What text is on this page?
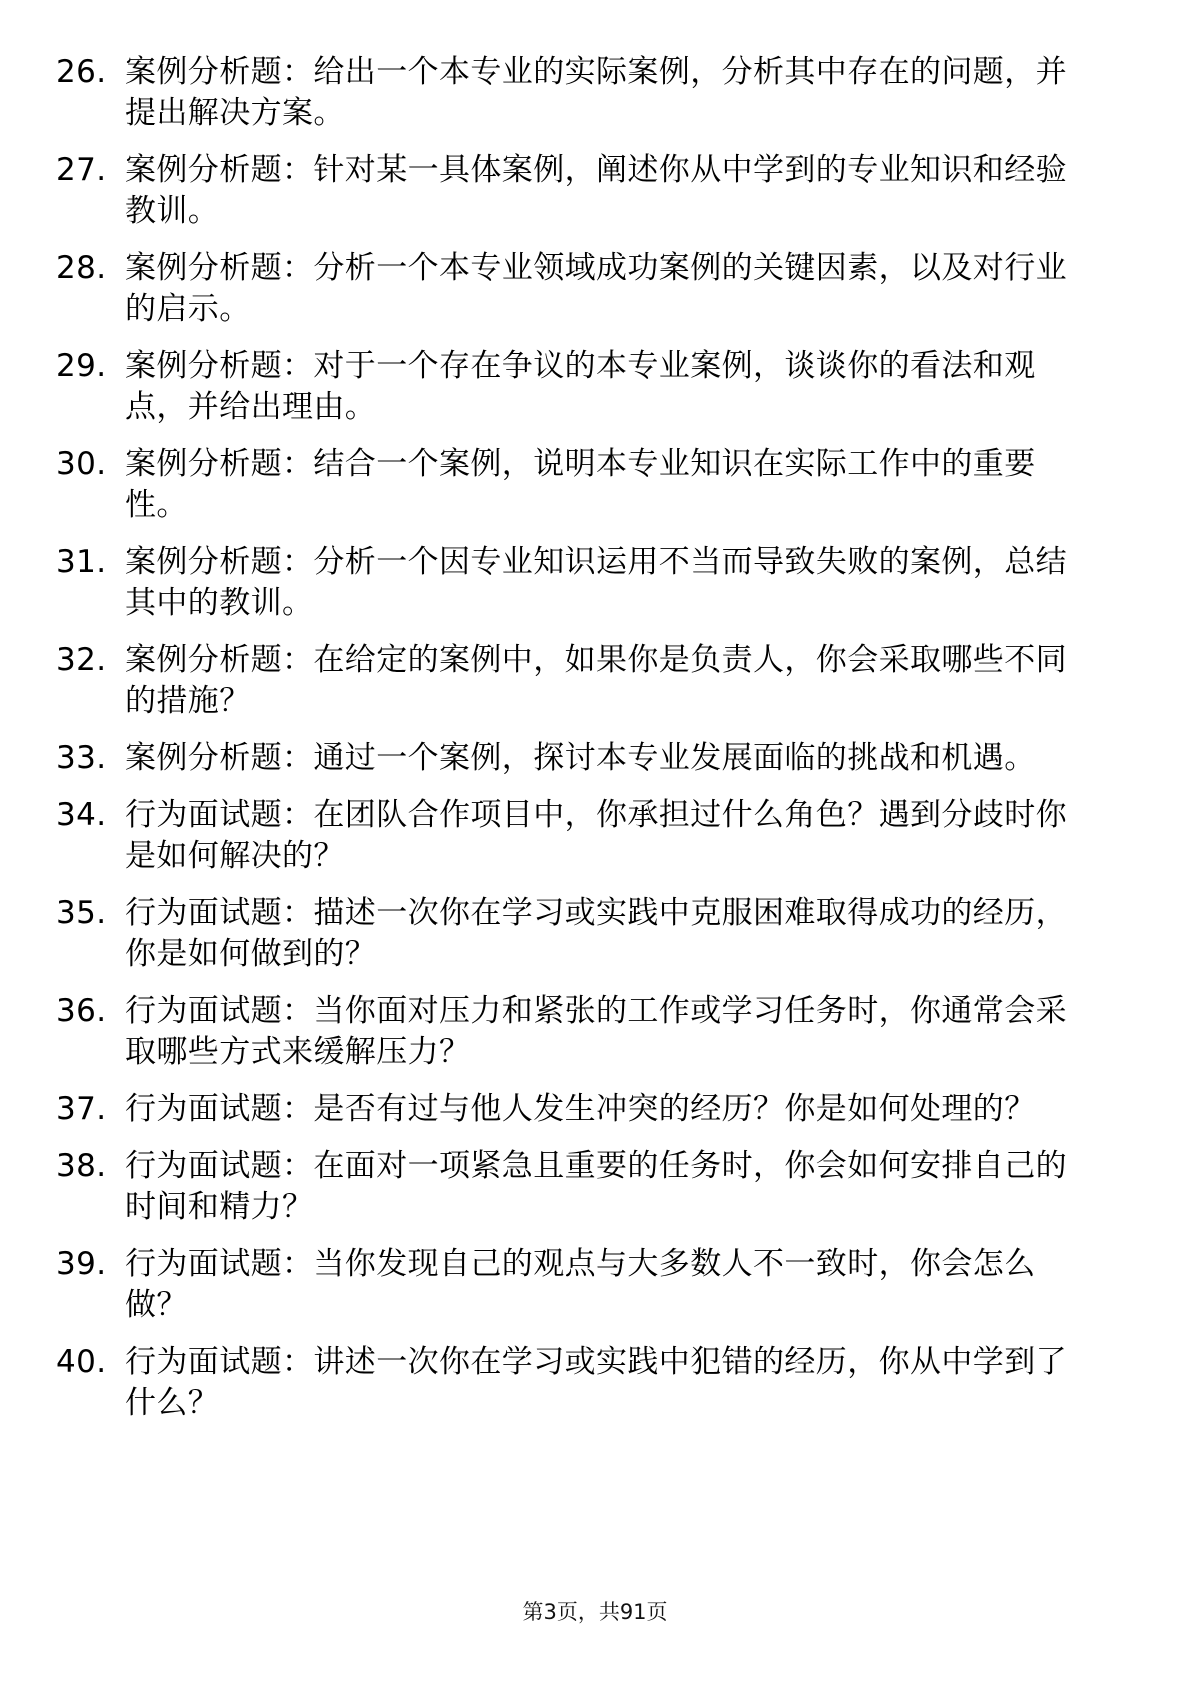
26. 案例分析题：给出一个本专业的实际案例，分析其中存在的问题，并提出解决方案。
27. 案例分析题：针对某一具体案例，阐述你从中学到的专业知识和经验教训。
28. 案例分析题：分析一个本专业领域成功案例的关键因素，以及对行业的启示。
29. 案例分析题：对于一个存在争议的本专业案例，谈谈你的看法和观点，并给出理由。
30. 案例分析题：结合一个案例，说明本专业知识在实际工作中的重要性。
31. 案例分析题：分析一个因专业知识运用不当而导致失败的案例，总结其中的教训。
32. 案例分析题：在给定的案例中，如果你是负责人，你会采取哪些不同的措施？
33. 案例分析题：通过一个案例，探讨本专业发展面临的挑战和机遇。
34. 行为面试题：在团队合作项目中，你承担过什么角色？遇到分歧时你是如何解决的？
35. 行为面试题：描述一次你在学习或实践中克服困难取得成功的经历，你是如何做到的？
36. 行为面试题：当你面对压力和紧张的工作或学习任务时，你通常会采取哪些方式来缓解压力？
37. 行为面试题：是否有过与他人发生冲突的经历？你是如何处理的？
38. 行为面试题：在面对一项紧急且重要的任务时，你会如何安排自己的时间和精力？
39. 行为面试题：当你发现自己的观点与大多数人不一致时，你会怎么做？
40. 行为面试题：讲述一次你在学习或实践中犯错的经历，你从中学到了什么？
第3页，共91页
